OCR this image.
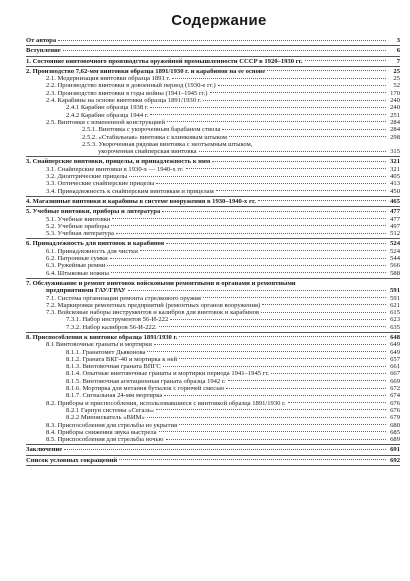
Содержание
От автора	3
Вступление	6
1. Состояние винтовочного производства оружейной промышленности СССР в 1920–1930 гг.	7
2. Производство 7,62-мм винтовки образца 1891/1930 г. и карабинов на ее основе	25
2.1. Модернизация винтовки образца 1891 г.	25
2.2. Производство винтовки в довоенный период (1930-е гг.)	52
2.3. Производство винтовки в годы войны (1941–1945 гг.)	170
2.4. Карабины на основе винтовки образца 1891/1930 г.	240
2.4.1 Карабин образца 1938 г.	240
2.4.2 Карабин образца 1944 г.	251
2.5. Винтовки с измененной конструкцией	284
2.5.1. Винтовка с укороченным барабаном ствола	284
2.5.2. «Стабильная» винтовка с клинковым штыком	298
2.5.3. Укороченная рядовая винтовка с неотъемным штыком,
укороченная снайперская винтовка	315
3. Снайперские винтовки, прицелы, и принадлежность к ним	321
3.1. Снайперские винтовки в 1930-х — 1940-х гг.	321
3.2. Диоптрические прицелы	405
3.3. Оптические снайперские прицелы	413
3.4. Принадлежность к снайперским винтовкам и прицелам	450
4. Магазинные винтовки и карабины в системе вооружения в 1930–1940-х гг.	465
5. Учебные винтовки, приборы и литература	477
5.1. Учебные винтовки	477
5.2. Учебные приборы	497
5.3. Учебная литература	512
6. Принадлежность для винтовок и карабинов	524
6.1. Принадлежность для чистки	524
6.2. Патронные сумки	544
6.3. Ружейные ремни	566
6.4. Штыковые ножны	588
7. Обслуживание и ремонт винтовок войсковыми ремонтными и органами и ремонтными
предприятиями ГАУ/ГРАУ	591
7.1. Система организации ремонта стрелкового оружия	591
7.2. Маркировки ремонтных предприятий (ремонтных органов вооружения)	621
7.3. Войсковые наборы инструментов и калибров для винтовок и карабинов	615
7.3.1. Набор инструментов 56-И-222	623
7.3.2. Набор калибров 56-И-222.	635
8. Приспособления к винтовке образца 1891/1930 г.	648
8.1 Винтовочные гранаты и мортирки	649
8.1.1. Гранатомет Дьяконова	649
8.1.2. Граната ВКГ-40 и мортирка к ней	657
8.1.3. Винтовочная граната ВПГС	661
8.1.4. Опытные винтовочные гранаты и мортирки периода 1941–1945 гг.	667
8.1.5. Винтовочная агитационная граната образца 1942 г.	669
8.1.6. Мортирка для метания бутылок с горючей смесью	672
8.1.7. Сигнальная 24-мм мортирка	674
8.2. Приборы и приспособления, использовавшиеся с винтовкой образца 1891/1930 г.	676
8.2.1 Гарпун системы «Сегаль»	676
8.2.2 Миноискатель «ВИМ»	679
8.3. Приспособления для стрельбы из укрытия	680
8.4. Приборы снижения звука выстрела	685
8.5. Приспособления для стрельбы ночью	689
Заключение	691
Список условных сокращений	692
